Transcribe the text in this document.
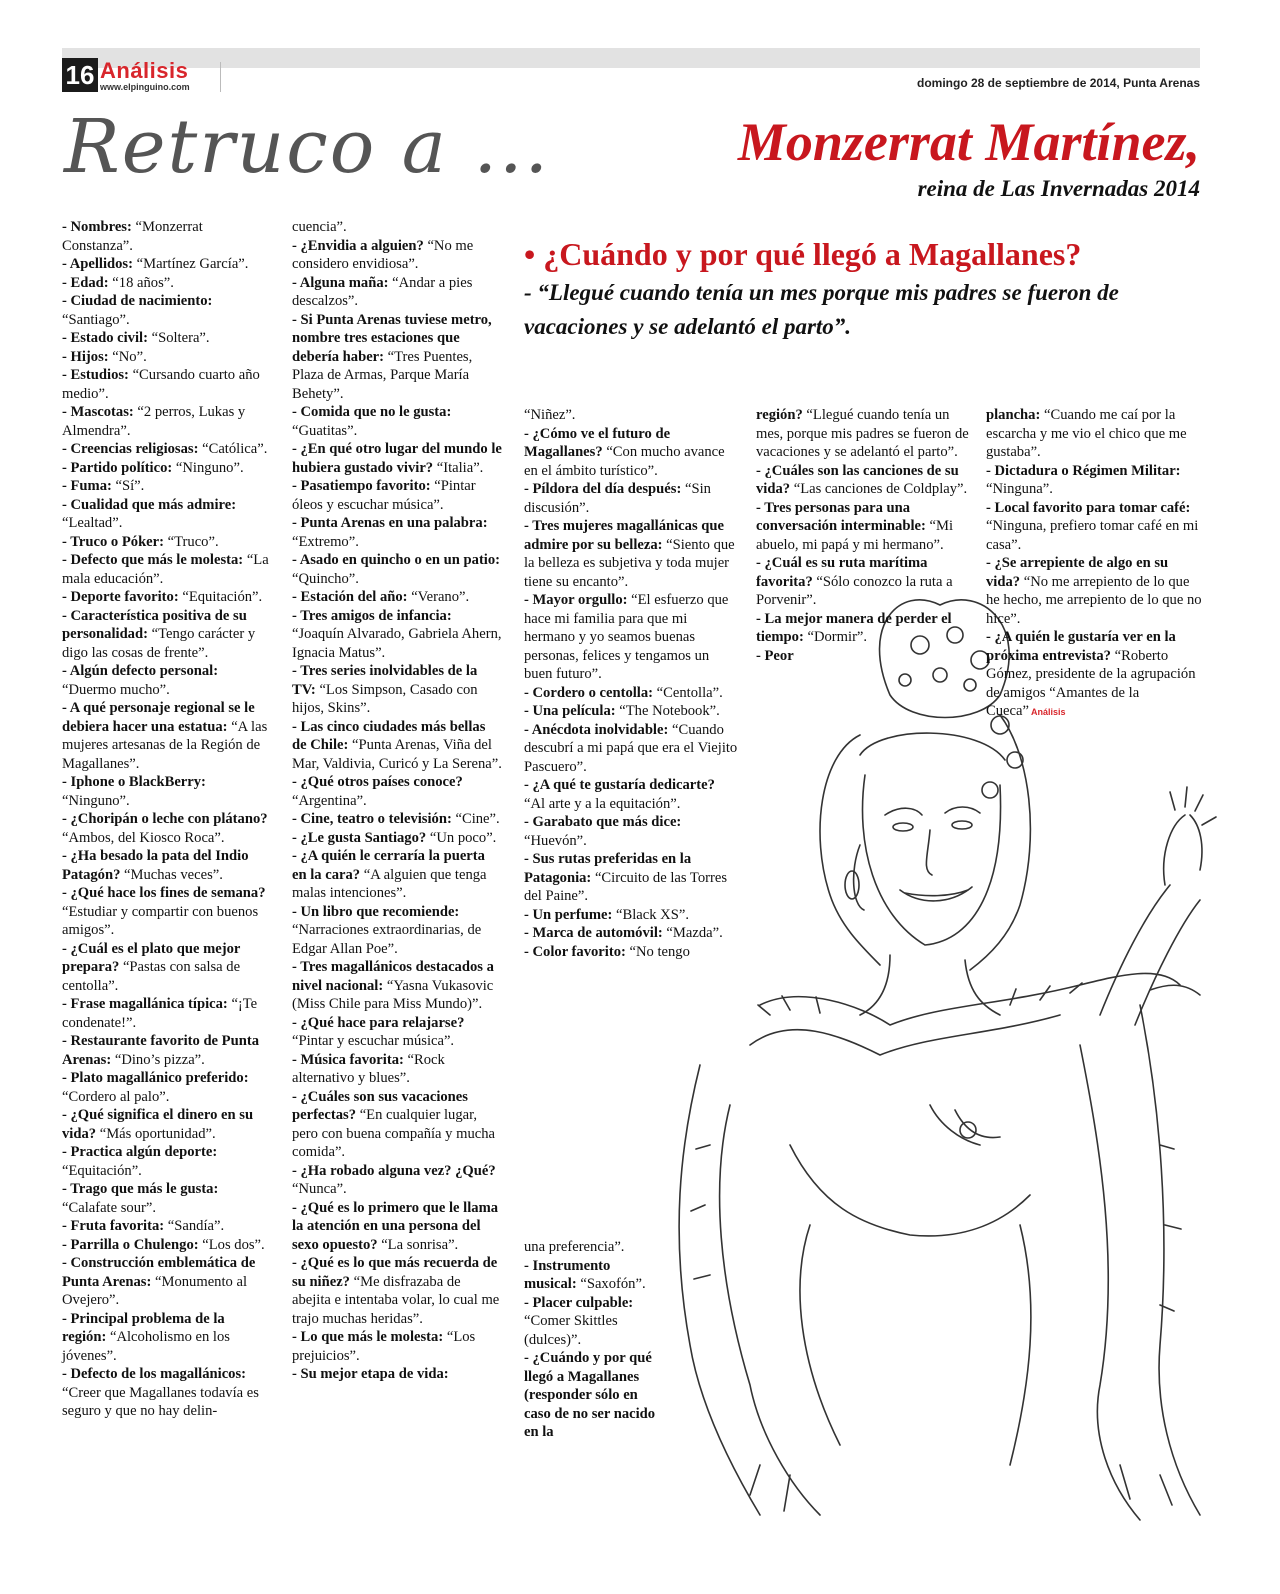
16 Análisis
www.elpinguino.com	domingo 28 de septiembre de 2014, Punta Arenas
Retruco a ...	Monzerrat Martínez,
reina de Las Invernadas 2014
• ¿Cuándo y por qué llegó a Magallanes?
- “Llegué cuando tenía un mes porque mis padres se fueron de vacaciones y se adelantó el parto”.

- Nombres: “Monzerrat Constanza”.

- Apellidos: “Martínez García”.

- Edad: “18 años”.

- Ciudad de nacimiento: “Santiago”.

- Estado civil: “Soltera”.

- Hijos: “No”.

- Estudios: “Cursando cuarto año medio”.

- Mascotas: “2 perros, Lukas y Almendra”.

- Creencias religiosas: “Católica”.

- Partido político: “Ninguno”.

- Fuma: “Sí”.

- Cualidad que más admire: “Lealtad”.

- Truco o Póker: “Truco”.

- Defecto que más le molesta: “La mala educación”.

- Deporte favorito: “Equitación”.

- Característica positiva de su personalidad: “Tengo carácter y digo las cosas de frente”.

- Algún defecto personal: “Duermo mucho”.

- A qué personaje regional se le debiera hacer una estatua: “A las mujeres artesanas de la Región de Magallanes”.

- Iphone o BlackBerry: “Ninguno”.

- ¿Choripán o leche con plátano? “Ambos, del Kiosco Roca”.

- ¿Ha besado la pata del Indio Patagón? “Muchas veces”.

- ¿Qué hace los fines de semana? “Estudiar y compartir con buenos amigos”.

- ¿Cuál es el plato que mejor prepara? “Pastas con salsa de centolla”.

- Frase magallánica típica: “¡Te condenate!”.

- Restaurante favorito de Punta Arenas: “Dino’s pizza”.

- Plato magallánico preferido: “Cordero al palo”.

- ¿Qué significa el dinero en su vida? “Más oportunidad”.

- Practica algún deporte: “Equitación”.

- Trago que más le gusta: “Calafate sour”.

- Fruta favorita: “Sandía”.

- Parrilla o Chulengo: “Los dos”.

- Construcción emblemática de Punta Arenas: “Monumento al Ovejero”.

- Principal problema de la región: “Alcoholismo en los jóvenes”.

- Defecto de los magallánicos: “Creer que Magallanes todavía es seguro y que no hay delin-

cuencia”.

- ¿Envidia a alguien? “No me considero envidiosa”.

- Alguna maña: “Andar a pies descalzos”.

- Si Punta Arenas tuviese metro, nombre tres estaciones que debería haber: “Tres Puentes, Plaza de Armas, Parque María Behety”.

- Comida que no le gusta: “Guatitas”.

- ¿En qué otro lugar del mundo le hubiera gustado vivir? “Italia”.

- Pasatiempo favorito: “Pintar óleos y escuchar música”.

- Punta Arenas en una palabra: “Extremo”.

- Asado en quincho o en un patio: “Quincho”.

- Estación del año: “Verano”.

- Tres amigos de infancia: “Joaquín Alvarado, Gabriela Ahern, Ignacia Matus”.

- Tres series inolvidables de la TV: “Los Simpson, Casado con hijos, Skins”.

- Las cinco ciudades más bellas de Chile: “Punta Arenas, Viña del Mar, Valdivia, Curicó y La Serena”.

- ¿Qué otros países conoce? “Argentina”.

- Cine, teatro o televisión: “Cine”.

- ¿Le gusta Santiago? “Un poco”.

- ¿A quién le cerraría la puerta en la cara? “A alguien que tenga malas intenciones”.

- Un libro que recomiende: “Narraciones extraordinarias, de Edgar Allan Poe”.

- Tres magallánicos destacados a nivel nacional: “Yasna Vukasovic (Miss Chile para Miss Mundo)”.

- ¿Qué hace para relajarse? “Pintar y escuchar música”.

- Música favorita: “Rock alternativo y blues”.

- ¿Cuáles son sus vacaciones perfectas? “En cualquier lugar, pero con buena compañía y mucha comida”.

- ¿Ha robado alguna vez? ¿Qué? “Nunca”.

- ¿Qué es lo primero que le llama la atención en una persona del sexo opuesto? “La sonrisa”.

- ¿Qué es lo que más recuerda de su niñez? “Me disfrazaba de abejita e intentaba volar, lo cual me trajo muchas heridas”.

- Lo que más le molesta: “Los prejuicios”.

- Su mejor etapa de vida:

“Niñez”.

- ¿Cómo ve el futuro de Magallanes? “Con mucho avance en el ámbito turístico”.

- Píldora del día después: “Sin discusión”.

- Tres mujeres magallánicas que admire por su belleza: “Siento que la belleza es subjetiva y toda mujer tiene su encanto”.

- Mayor orgullo: “El esfuerzo que hace mi familia para que mi hermano y yo seamos buenas personas, felices y tengamos un buen futuro”.

- Cordero o centolla: “Centolla”.

- Una película: “The Notebook”.

- Anécdota inolvidable: “Cuando descubrí a mi papá que era el Viejito Pascuero”.

- ¿A qué te gustaría dedicarte? “Al arte y a la equitación”.

- Garabato que más dice: “Huevón”.

- Sus rutas preferidas en la Patagonia: “Circuito de las Torres del Paine”.

- Un perfume: “Black XS”.

- Marca de automóvil: “Mazda”.

- Color favorito: “No tengo

una preferencia”.

- Instrumento musical: “Saxofón”.

- Placer culpable: “Comer Skittles (dulces)”.

- ¿Cuándo y por qué llegó a Magallanes (responder sólo en caso de no ser nacido en la

región? “Llegué cuando tenía un mes, porque mis padres se fueron de vacaciones y se adelantó el parto”.

- ¿Cuáles son las canciones de su vida? “Las canciones de Coldplay”.

- Tres personas para una conversación interminable: “Mi abuelo, mi papá y mi hermano”.

- ¿Cuál es su ruta marítima favorita? “Sólo conozco la ruta a Porvenir”.

- La mejor manera de perder el tiempo: “Dormir”.

- Peor

plancha: “Cuando me caí por la escarcha y me vio el chico que me gustaba”.

- Dictadura o Régimen Militar: “Ninguna”.

- Local favorito para tomar café: “Ninguna, prefiero tomar café en mi casa”.

- ¿Se arrepiente de algo en su vida? “No me arrepiento de lo que he hecho, me arrepiento de lo que no hice”.

- ¿A quién le gustaría ver en la próxima entrevista? “Roberto Gómez, presidente de la agrupación de amigos “Amantes de la Cueca” Análisis
